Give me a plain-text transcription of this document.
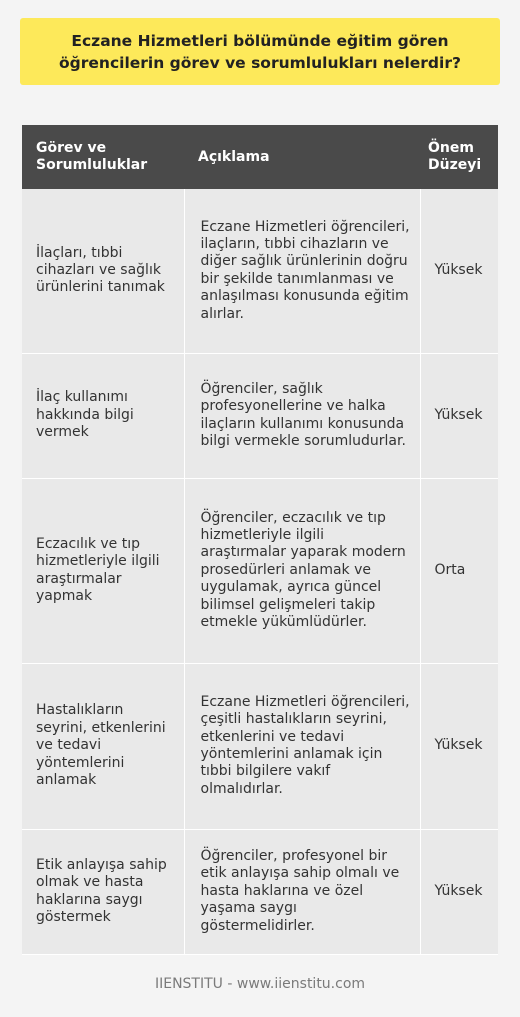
Eczane Hizmetleri bölümünde eğitim gören öğrencilerin görev ve sorumlulukları nelerdir?
Görev ve Sorumluluklar	Açıklama	Önem Düzeyi
İlaçları, tıbbi cihazları ve sağlık ürünlerini tanımak	Eczane Hizmetleri öğrencileri, ilaçların, tıbbi cihazların ve diğer sağlık ürünlerinin doğru bir şekilde tanımlanması ve anlaşılması konusunda eğitim alırlar.	Yüksek
İlaç kullanımı hakkında bilgi vermek	Öğrenciler, sağlık profesyonellerine ve halka ilaçların kullanımı konusunda bilgi vermekle sorumludurlar.	Yüksek
Eczacılık ve tıp hizmetleriyle ilgili araştırmalar yapmak	Öğrenciler, eczacılık ve tıp hizmetleriyle ilgili araştırmalar yaparak modern prosedürleri anlamak ve uygulamak, ayrıca güncel bilimsel gelişmeleri takip etmekle yükümlüdürler.	Orta
Hastalıkların seyrini, etkenlerini ve tedavi yöntemlerini anlamak	Eczane Hizmetleri öğrencileri, çeşitli hastalıkların seyrini, etkenlerini ve tedavi yöntemlerini anlamak için tıbbi bilgilere vakıf olmalıdırlar.	Yüksek
Etik anlayışa sahip olmak ve hasta haklarına saygı göstermek	Öğrenciler, profesyonel bir etik anlayışa sahip olmalı ve hasta haklarına ve özel yaşama saygı göstermelidirler.	Yüksek
IIENSTITU - www.iienstitu.com
